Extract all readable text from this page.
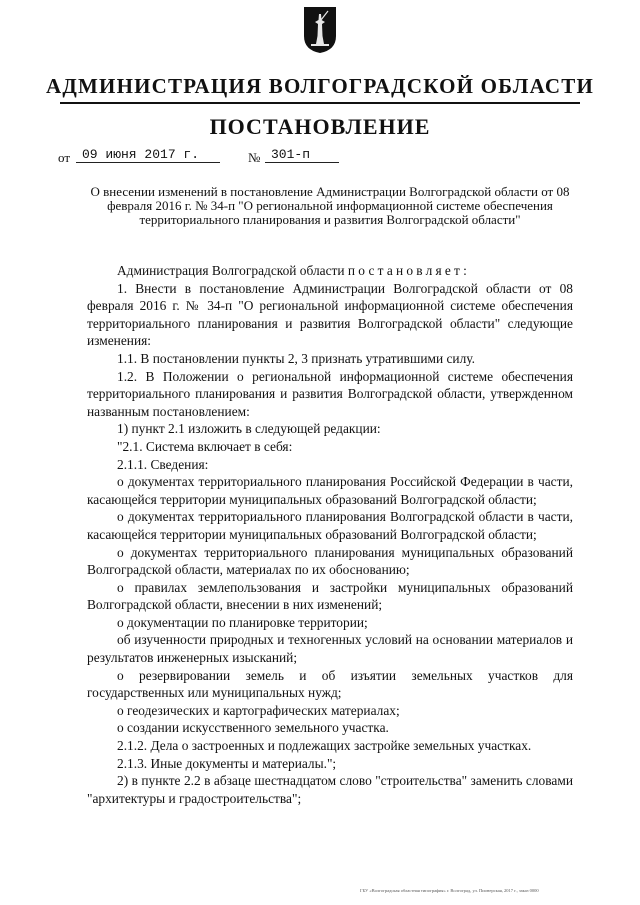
АДМИНИСТРАЦИЯ ВОЛГОГРАДСКОЙ ОБЛАСТИ
ПОСТАНОВЛЕНИЕ
от 09 июня 2017 г.	№ 301-п

О внесении изменений в постановление Администрации Волгоградской области от 08 февраля 2016 г. № 34-п "О региональной информационной системе обеспечения территориального планирования и развития Волгоградской области"

Администрация Волгоградской области постановляет:

1. Внести в постановление Администрации Волгоградской области от 08 февраля 2016 г. № 34-п "О региональной информационной системе обеспечения территориального планирования и развития Волгоградской области" следующие изменения:

1.1. В постановлении пункты 2, 3 признать утратившими силу.

1.2. В Положении о региональной информационной системе обеспечения территориального планирования и развития Волгоградской области, утвержденном названным постановлением:

1) пункт 2.1 изложить в следующей редакции:

"2.1. Система включает в себя:

2.1.1. Сведения:

о документах территориального планирования Российской Федерации в части, касающейся территории муниципальных образований Волгоградской области;

о документах территориального планирования Волгоградской области в части, касающейся территории муниципальных образований Волгоградской области;

о документах территориального планирования муниципальных образований Волгоградской области, материалах по их обоснованию;

о правилах землепользования и застройки муниципальных образований Волгоградской области, внесении в них изменений;

о документации по планировке территории;

об изученности природных и техногенных условий на основании материалов и результатов инженерных изысканий;

о резервировании земель и об изъятии земельных участков для государственных или муниципальных нужд;

о геодезических и картографических материалах;

о создании искусственного земельного участка.

2.1.2. Дела о застроенных и подлежащих застройке земельных участках.

2.1.3. Иные документы и материалы.";

2) в пункте 2.2 в абзаце шестнадцатом слово "строительства" заменить словами "архитектуры и градостроительства";

ГБУ «Волгоградская областная типография» г. Волгоград, ул. Пионерская, 2017 г., заказ 0000
